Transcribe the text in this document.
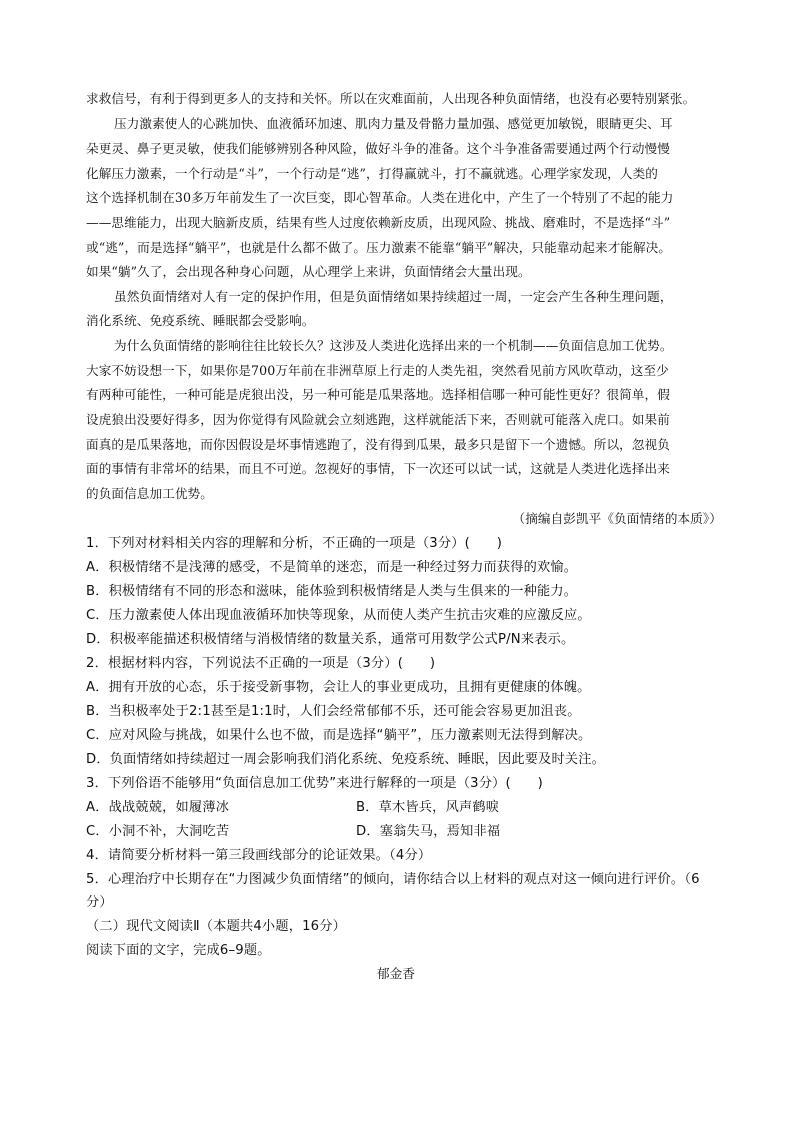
求救信号，有利于得到更多人的支持和关怀。所以在灾难面前，人出现各种负面情绪，也没有必要特别紧张。
压力激素使人的心跳加快、血液循环加速、肌肉力量及骨骼力量加强、感觉更加敏锐，眼睛更尖、耳
朵更灵、鼻子更灵敏，使我们能够辨别各种风险，做好斗争的准备。这个斗争准备需要通过两个行动慢慢
化解压力激素，一个行动是“斗”，一个行动是“逃”，打得赢就斗，打不赢就逃。心理学家发现，人类的
这个选择机制在30多万年前发生了一次巨变，即心智革命。人类在进化中，产生了一个特别了不起的能力
——思维能力，出现大脑新皮质，结果有些人过度依赖新皮质，出现风险、挑战、磨难时，不是选择“斗”
或“逃”，而是选择“躺平”，也就是什么都不做了。压力激素不能靠“躺平”解决，只能靠动起来才能解决。
如果“躺”久了，会出现各种身心问题，从心理学上来讲，负面情绪会大量出现。
虽然负面情绪对人有一定的保护作用，但是负面情绪如果持续超过一周，一定会产生各种生理问题，
消化系统、免疫系统、睡眠都会受影响。
为什么负面情绪的影响往往比较长久？这涉及人类进化选择出来的一个机制——负面信息加工优势。
大家不妨设想一下，如果你是700万年前在非洲草原上行走的人类先祖，突然看见前方风吹草动，这至少
有两种可能性，一种可能是虎狼出没，另一种可能是瓜果落地。选择相信哪一种可能性更好？很简单，假
设虎狼出没要好得多，因为你觉得有风险就会立刻逃跑，这样就能活下来，否则就可能落入虎口。如果前
面真的是瓜果落地，而你因假设是坏事情逃跑了，没有得到瓜果，最多只是留下一个遗憾。所以，忽视负
面的事情有非常坏的结果，而且不可逆。忽视好的事情，下一次还可以试一试，这就是人类进化选择出来
的负面信息加工优势。
（摘编自彭凯平《负面情绪的本质》）
1．下列对材料相关内容的理解和分析，不正确的一项是（3分）(　　)
A．积极情绪不是浅薄的感受，不是简单的迷恋，而是一种经过努力而获得的欢愉。
B．积极情绪有不同的形态和滋味，能体验到积极情绪是人类与生俱来的一种能力。
C．压力激素使人体出现血液循环加快等现象，从而使人类产生抗击灾难的应激反应。
D．积极率能描述积极情绪与消极情绪的数量关系，通常可用数学公式P/N来表示。
2．根据材料内容，下列说法不正确的一项是（3分）(　　)
A．拥有开放的心态，乐于接受新事物，会让人的事业更成功，且拥有更健康的体魄。
B．当积极率处于2:1甚至是1:1时，人们会经常郁郁不乐，还可能会容易更加沮丧。
C．应对风险与挑战，如果什么也不做，而是选择“躺平”，压力激素则无法得到解决。
D．负面情绪如持续超过一周会影响我们消化系统、免疫系统、睡眠，因此要及时关注。
3．下列俗语不能够用“负面信息加工优势”来进行解释的一项是（3分）(　　)
A．战战兢兢，如履薄冰	B．草木皆兵，风声鹤唳
C．小洞不补，大洞吃苦	D．塞翁失马，焉知非福
4．请简要分析材料一第三段画线部分的论证效果。（4分）
5．心理治疗中长期存在“力图减少负面情绪”的倾向，请你结合以上材料的观点对这一倾向进行评价。（6
分）
（二）现代文阅读Ⅱ（本题共4小题，16分）
阅读下面的文字，完成6–9题。
郁金香
